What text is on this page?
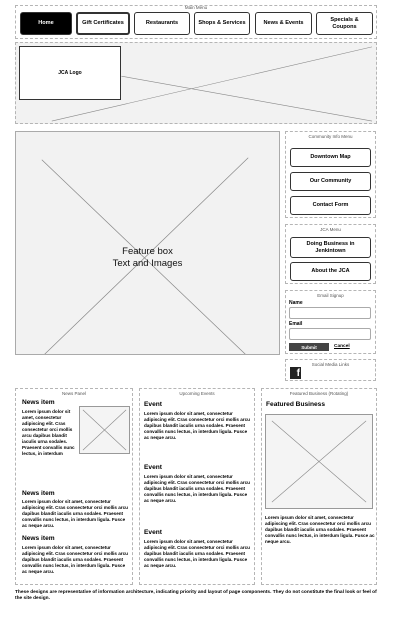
Main Menu
Home	Gift Certificates	Restaurants	Shops & Services	News & Events
Specials & Coupons
JCA Logo
Feature box
Text and Images
Community Info Menu
Downtown Map
Our Community
Contact Form
JCA Menu
Doing Business in Jenkintown
About the JCA
Email Signup
Name
Email
Submit	Cancel
Social Media Links
f
News Panel
News item
Lorem ipsum dolor sit amet, consectetur adipiscing elit. Cras consectetur orci mollis arcu dapibus blandit iaculis urna sodales. Praesent convallis nunc lectus, in interdum
News item
Lorem ipsum dolor sit amet, consectetur adipiscing elit. Cras consectetur orci mollis arcu dapibus blandit iaculis urna sodales. Praesent convallis nunc lectus, in interdum ligula. Fusce ac neque arcu.
News item
Lorem ipsum dolor sit amet, consectetur adipiscing elit. Cras consectetur orci mollis arcu dapibus blandit iaculis urna sodales. Praesent convallis nunc lectus, in interdum ligula. Fusce ac neque arcu.
Upcoming Events
Event
Lorem ipsum dolor sit amet, consectetur adipiscing elit. Cras consectetur orci mollis arcu dapibus blandit iaculis urna sodales. Praesent convallis nunc lectus, in interdum ligula. Fusce ac neque arcu.
Event
Lorem ipsum dolor sit amet, consectetur adipiscing elit. Cras consectetur orci mollis arcu dapibus blandit iaculis urna sodales. Praesent convallis nunc lectus, in interdum ligula. Fusce ac neque arcu.
Event
Lorem ipsum dolor sit amet, consectetur adipiscing elit. Cras consectetur orci mollis arcu dapibus blandit iaculis urna sodales. Praesent convallis nunc lectus, in interdum ligula. Fusce ac neque arcu.
Featured Business (Rotating)
Featured Business
Lorem ipsum dolor sit amet, consectetur adipiscing elit. Cras consectetur orci mollis arcu dapibus blandit iaculis urna sodales. Praesent convallis nunc lectus, in interdum ligula. Fusce ac neque arcu.
These designs are representative of information architecture, indicating priority and layout of page components. They do not constitute the final look or feel of the site design.
